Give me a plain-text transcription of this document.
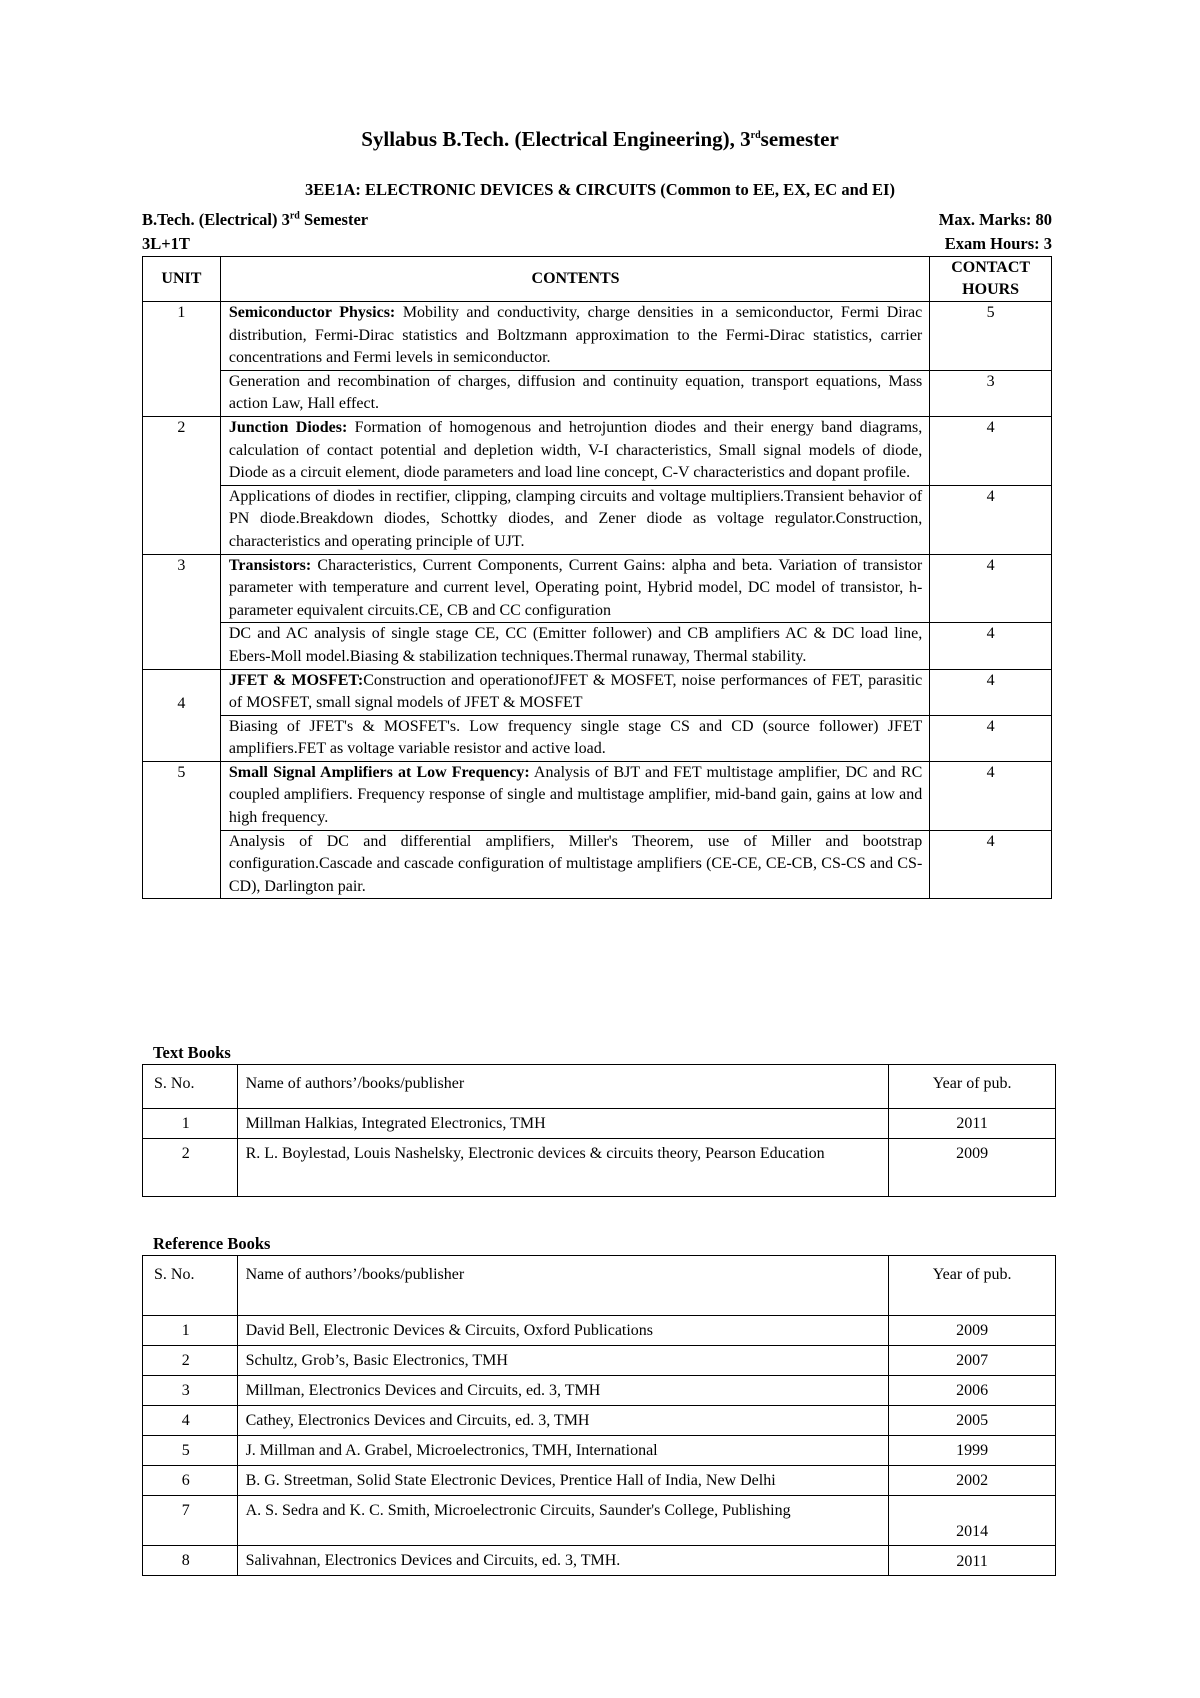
Syllabus B.Tech. (Electrical Engineering), 3rdsemester
3EE1A: ELECTRONIC DEVICES & CIRCUITS (Common to EE, EX, EC and EI)
B.Tech. (Electrical) 3rd Semester	Max. Marks: 80
3L+1T	Exam Hours: 3
UNIT	CONTENTS	CONTACT
HOURS

1	Semiconductor Physics: Mobility and conductivity, charge densities in a semiconductor, Fermi Dirac distribution, Fermi-Dirac statistics and Boltzmann approximation to the Fermi-Dirac statistics, carrier concentrations and Fermi levels in semiconductor.	5
	Generation and recombination of charges, diffusion and continuity equation, transport equations, Mass action Law, Hall effect.	3
2	Junction Diodes: Formation of homogenous and hetrojuntion diodes and their energy band diagrams, calculation of contact potential and depletion width, V-I characteristics, Small signal models of diode, Diode as a circuit element, diode parameters and load line concept, C-V characteristics and dopant profile.	4
	Applications of diodes in rectifier, clipping, clamping circuits and voltage multipliers.Transient behavior of PN diode.Breakdown diodes, Schottky diodes, and Zener diode as voltage regulator.Construction, characteristics and operating principle of UJT.	4
3	Transistors: Characteristics, Current Components, Current Gains: alpha and beta. Variation of transistor parameter with temperature and current level, Operating point, Hybrid model, DC model of transistor, h-parameter equivalent circuits.CE, CB and CC configuration	4
	DC and AC analysis of single stage CE, CC (Emitter follower) and CB amplifiers AC & DC load line, Ebers-Moll model.Biasing & stabilization techniques.Thermal runaway, Thermal stability.	4

4	JFET & MOSFET:Construction and operationofJFET & MOSFET, noise performances of FET, parasitic of MOSFET, small signal models of JFET & MOSFET	4
	Biasing of JFET's & MOSFET's. Low frequency single stage CS and CD (source follower) JFET amplifiers.FET as voltage variable resistor and active load.	4
5	Small Signal Amplifiers at Low Frequency: Analysis of BJT and FET multistage amplifier, DC and RC coupled amplifiers. Frequency response of single and multistage amplifier, mid-band gain, gains at low and high frequency.	4
	Analysis of DC and differential amplifiers, Miller's Theorem, use of Miller and bootstrap configuration.Cascade and cascade configuration of multistage amplifiers (CE-CE, CE-CB, CS-CS and CS-CD), Darlington pair.	4
Text Books
S. No.	Name of authors’/books/publisher	Year of pub.
1	Millman Halkias, Integrated Electronics, TMH	2011
2	R. L. Boylestad, Louis Nashelsky, Electronic devices & circuits theory, Pearson Education	2009
Reference Books
S. No.	Name of authors’/books/publisher	Year of pub.
1	David Bell, Electronic Devices & Circuits, Oxford Publications	2009
2	Schultz, Grob’s, Basic Electronics, TMH	2007
3	Millman, Electronics Devices and Circuits, ed. 3, TMH	2006
4	Cathey, Electronics Devices and Circuits, ed. 3, TMH	2005
5	J. Millman and A. Grabel, Microelectronics, TMH, International	1999
6	B. G. Streetman, Solid State Electronic Devices, Prentice Hall of India, New Delhi	2002
7	A. S. Sedra and K. C. Smith, Microelectronic Circuits, Saunder's College, Publishing	2014
8	Salivahnan, Electronics Devices and Circuits, ed. 3, TMH.	2011
